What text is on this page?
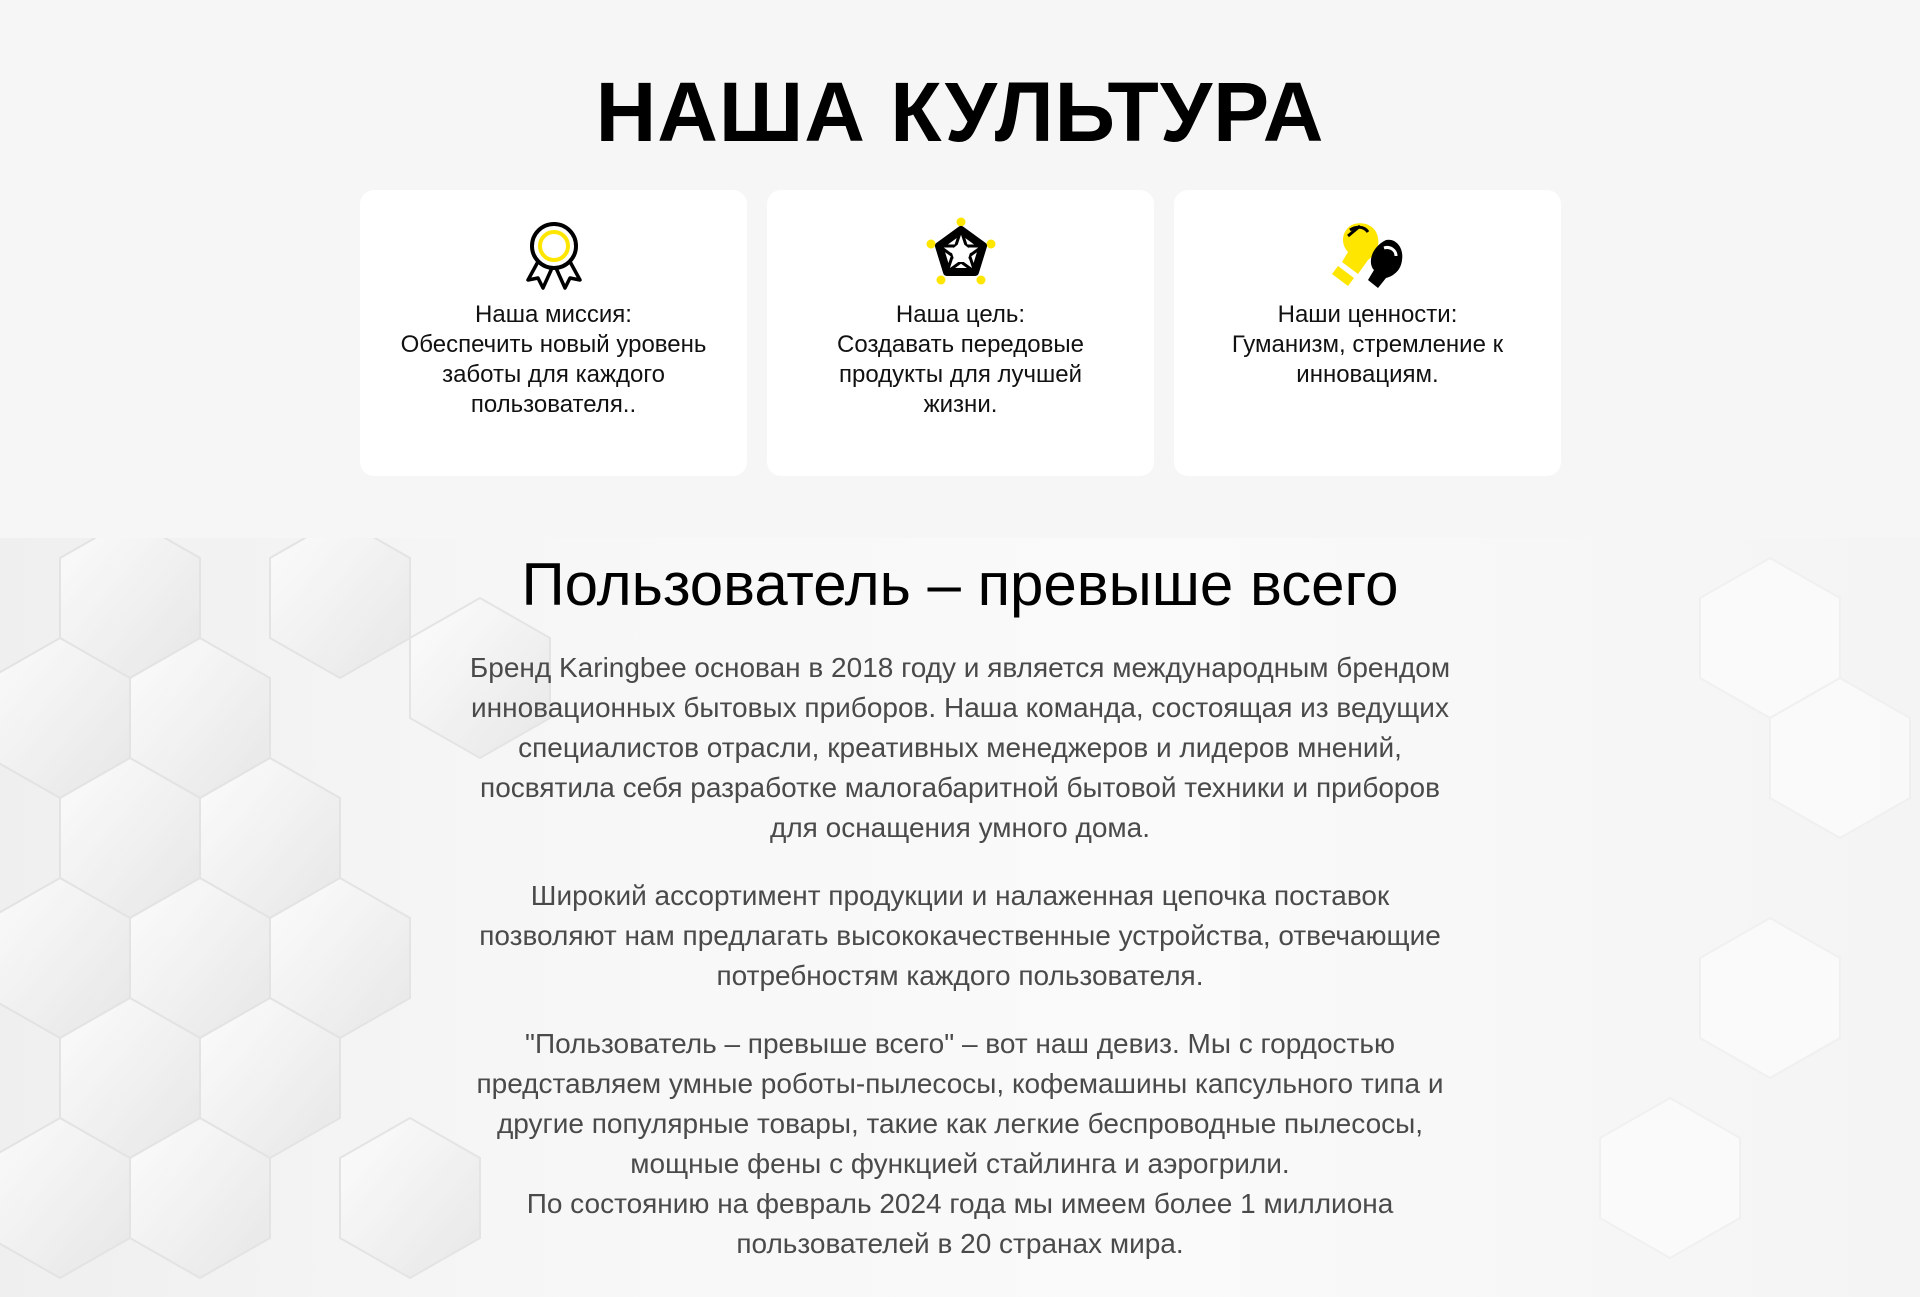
НАША КУЛЬТУРА
Наша миссия:
Обеспечить новый уровень
заботы для каждого
пользователя..
Наша цель:
Создавать передовые
продукты для лучшей
жизни.
Наши ценности:
Гуманизм, стремление к
инновациям.
Пользователь – превыше всего

Бренд Karingbee основан в 2018 году и является международным брендом
инновационных бытовых приборов. Наша команда, состоящая из ведущих
специалистов отрасли, креативных менеджеров и лидеров мнений,
посвятила себя разработке малогабаритной бытовой техники и приборов
для оснащения умного дома.

Широкий ассортимент продукции и налаженная цепочка поставок
позволяют нам предлагать высококачественные устройства, отвечающие
потребностям каждого пользователя.

"Пользователь – превыше всего" – вот наш девиз. Мы с гордостью
представляем умные роботы-пылесосы, кофемашины капсульного типа и
другие популярные товары, такие как легкие беспроводные пылесосы,
мощные фены с функцией стайлинга и аэрогрили.
По состоянию на февраль 2024 года мы имеем более 1 миллиона
пользователей в 20 странах мира.
